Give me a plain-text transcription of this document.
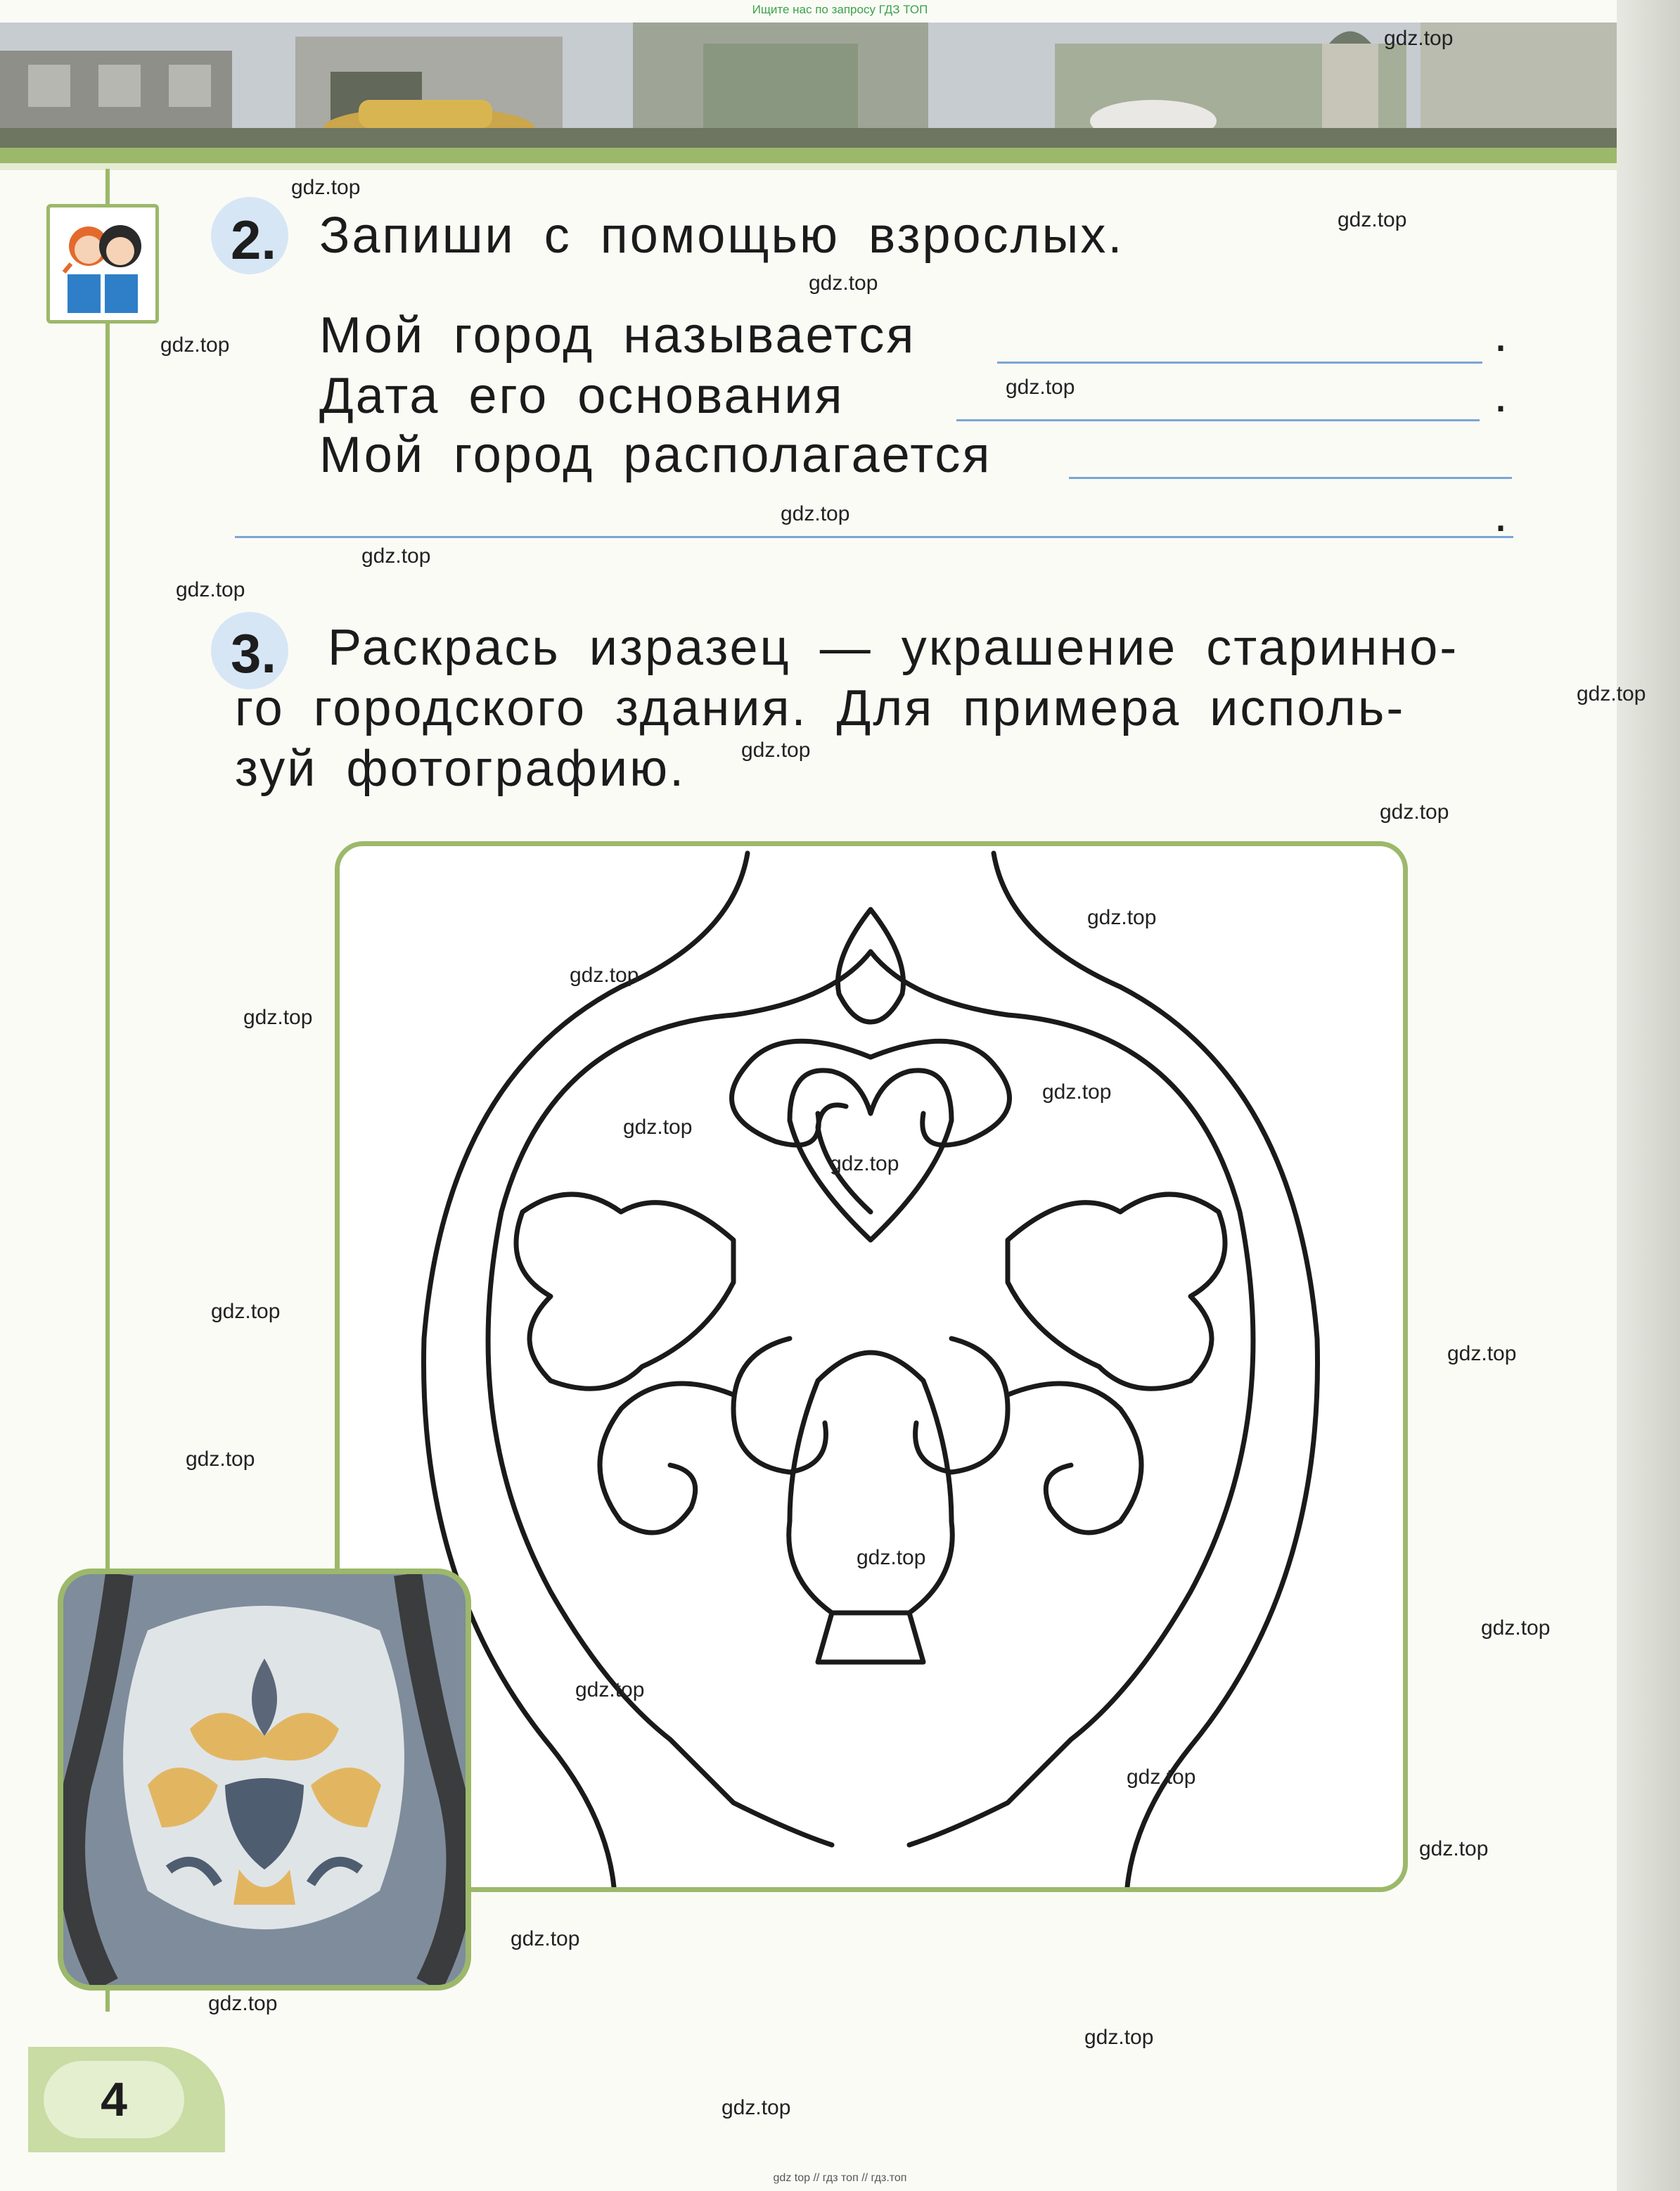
Ищите нас по запросу ГДЗ ТОП
2. Запиши с помощью взрослых.
Мой город называется	.
Дата его основания	.
Мой город располагается
.
3. Раскрась изразец — украшение старинно-
го городского здания. Для примера исполь-
зуй фотографию.
4
gdz.top
gdz.top
gdz.top
gdz.top
gdz.top
gdz.top
gdz.top
gdz.top
gdz.top
gdz.top
gdz.top
gdz.top
gdz.top
gdz.top
gdz.top
gdz.top
gdz.top
gdz.top
gdz.top
gdz.top
gdz.top
gdz.top
gdz.top
gdz.top
gdz.top
gdz.top
gdz.top
gdz.top
gdz.top
gdz.top
gdz top // гдз топ // гдз.топ
